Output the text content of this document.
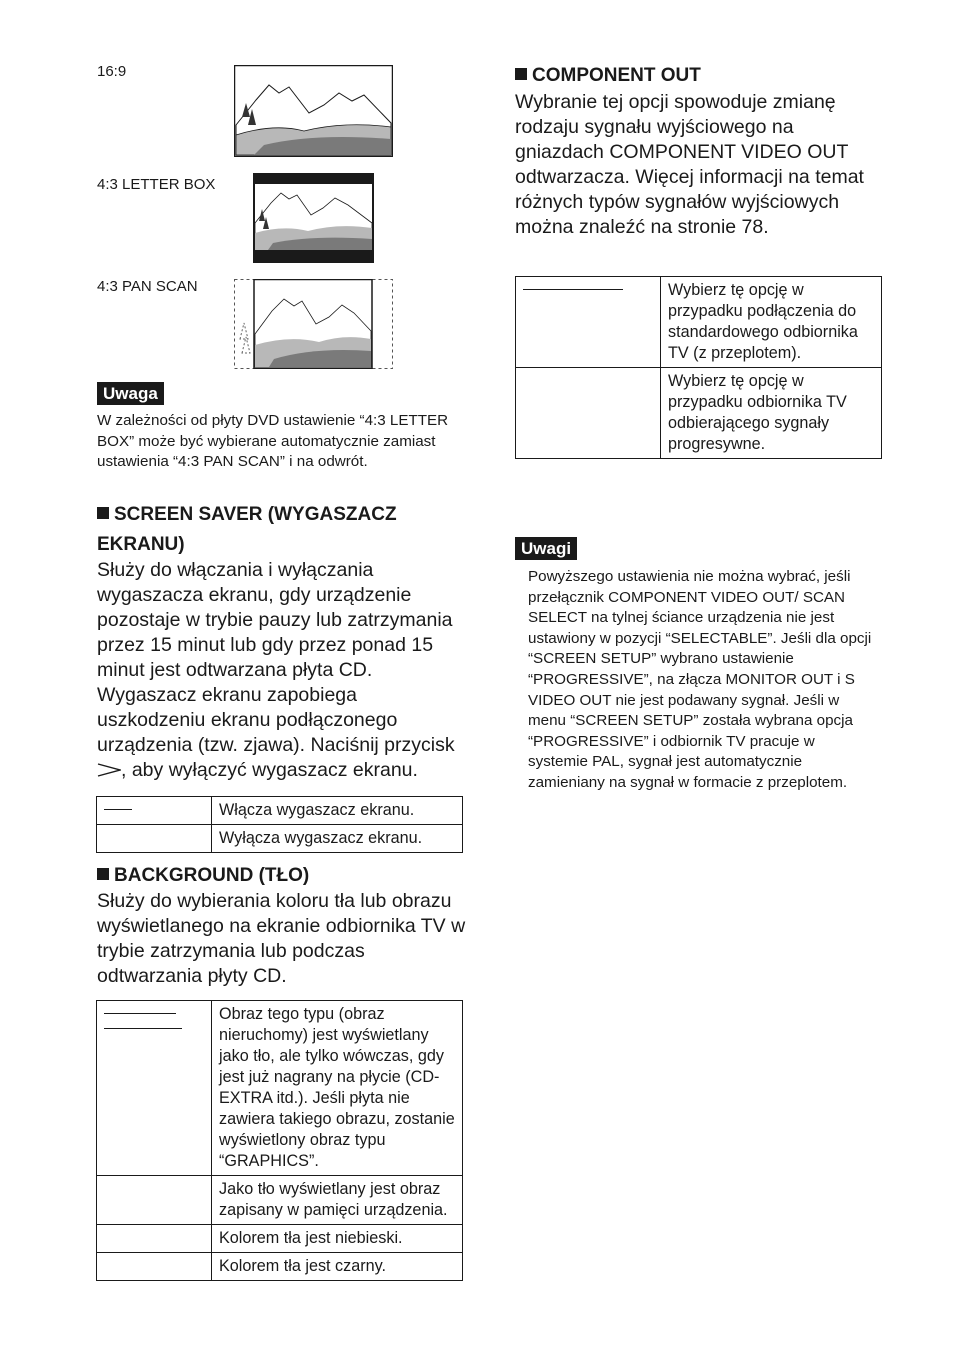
16:9
4:3 LETTER BOX
4:3 PAN SCAN
Uwaga
W zależności od płyty DVD ustawienie “4:3 LETTER BOX” może być wybierane automatycznie zamiast ustawienia “4:3 PAN SCAN” i na odwrót.
SCREEN SAVER (WYGASZACZ
EKRANU)
Służy do włączania i wyłączania wygaszacza ekranu, gdy urządzenie pozostaje w trybie pauzy lub zatrzymania przez 15 minut lub gdy przez ponad 15 minut jest odtwarzana płyta CD. Wygaszacz ekranu zapobiega uszkodzeniu ekranu podłączonego urządzenia (tzw. zjawa). Naciśnij przycisk , aby wyłączyć wygaszacz ekranu.
	Włącza wygaszacz ekranu.
	Wyłącza wygaszacz ekranu.
BACKGROUND (TŁO)
Służy do wybierania koloru tła lub obrazu wyświetlanego na ekranie odbiornika TV w trybie zatrzymania lub podczas odtwarzania płyty CD.
	Obraz tego typu (obraz nieruchomy) jest wyświetlany jako tło, ale tylko wówczas, gdy jest już nagrany na płycie (CD-EXTRA itd.). Jeśli płyta nie zawiera takiego obrazu, zostanie wyświetlony obraz typu “GRAPHICS”.
	Jako tło wyświetlany jest obraz zapisany w pamięci urządzenia.
	Kolorem tła jest niebieski.
	Kolorem tła jest czarny.
COMPONENT OUT
Wybranie tej opcji spowoduje zmianę rodzaju sygnału wyjściowego na gniazdach COMPONENT VIDEO OUT odtwarzacza. Więcej informacji na temat różnych typów sygnałów wyjściowych można znaleźć na stronie 78.
	Wybierz tę opcję w przypadku podłączenia do standardowego odbiornika TV (z przeplotem).
	Wybierz tę opcję w przypadku odbiornika TV odbierającego sygnały progresywne.
Uwagi
Powyższego ustawienia nie można wybrać, jeśli przełącznik COMPONENT VIDEO OUT/ SCAN SELECT na tylnej ściance urządzenia nie jest ustawiony w pozycji “SELECTABLE”. Jeśli dla opcji “SCREEN SETUP” wybrano ustawienie “PROGRESSIVE”, na złącza MONITOR OUT i S VIDEO OUT nie jest podawany sygnał. Jeśli w menu “SCREEN SETUP” została wybrana opcja “PROGRESSIVE” i odbiornik TV pracuje w systemie PAL, sygnał jest automatycznie zamieniany na sygnał w formacie z przeplotem.
